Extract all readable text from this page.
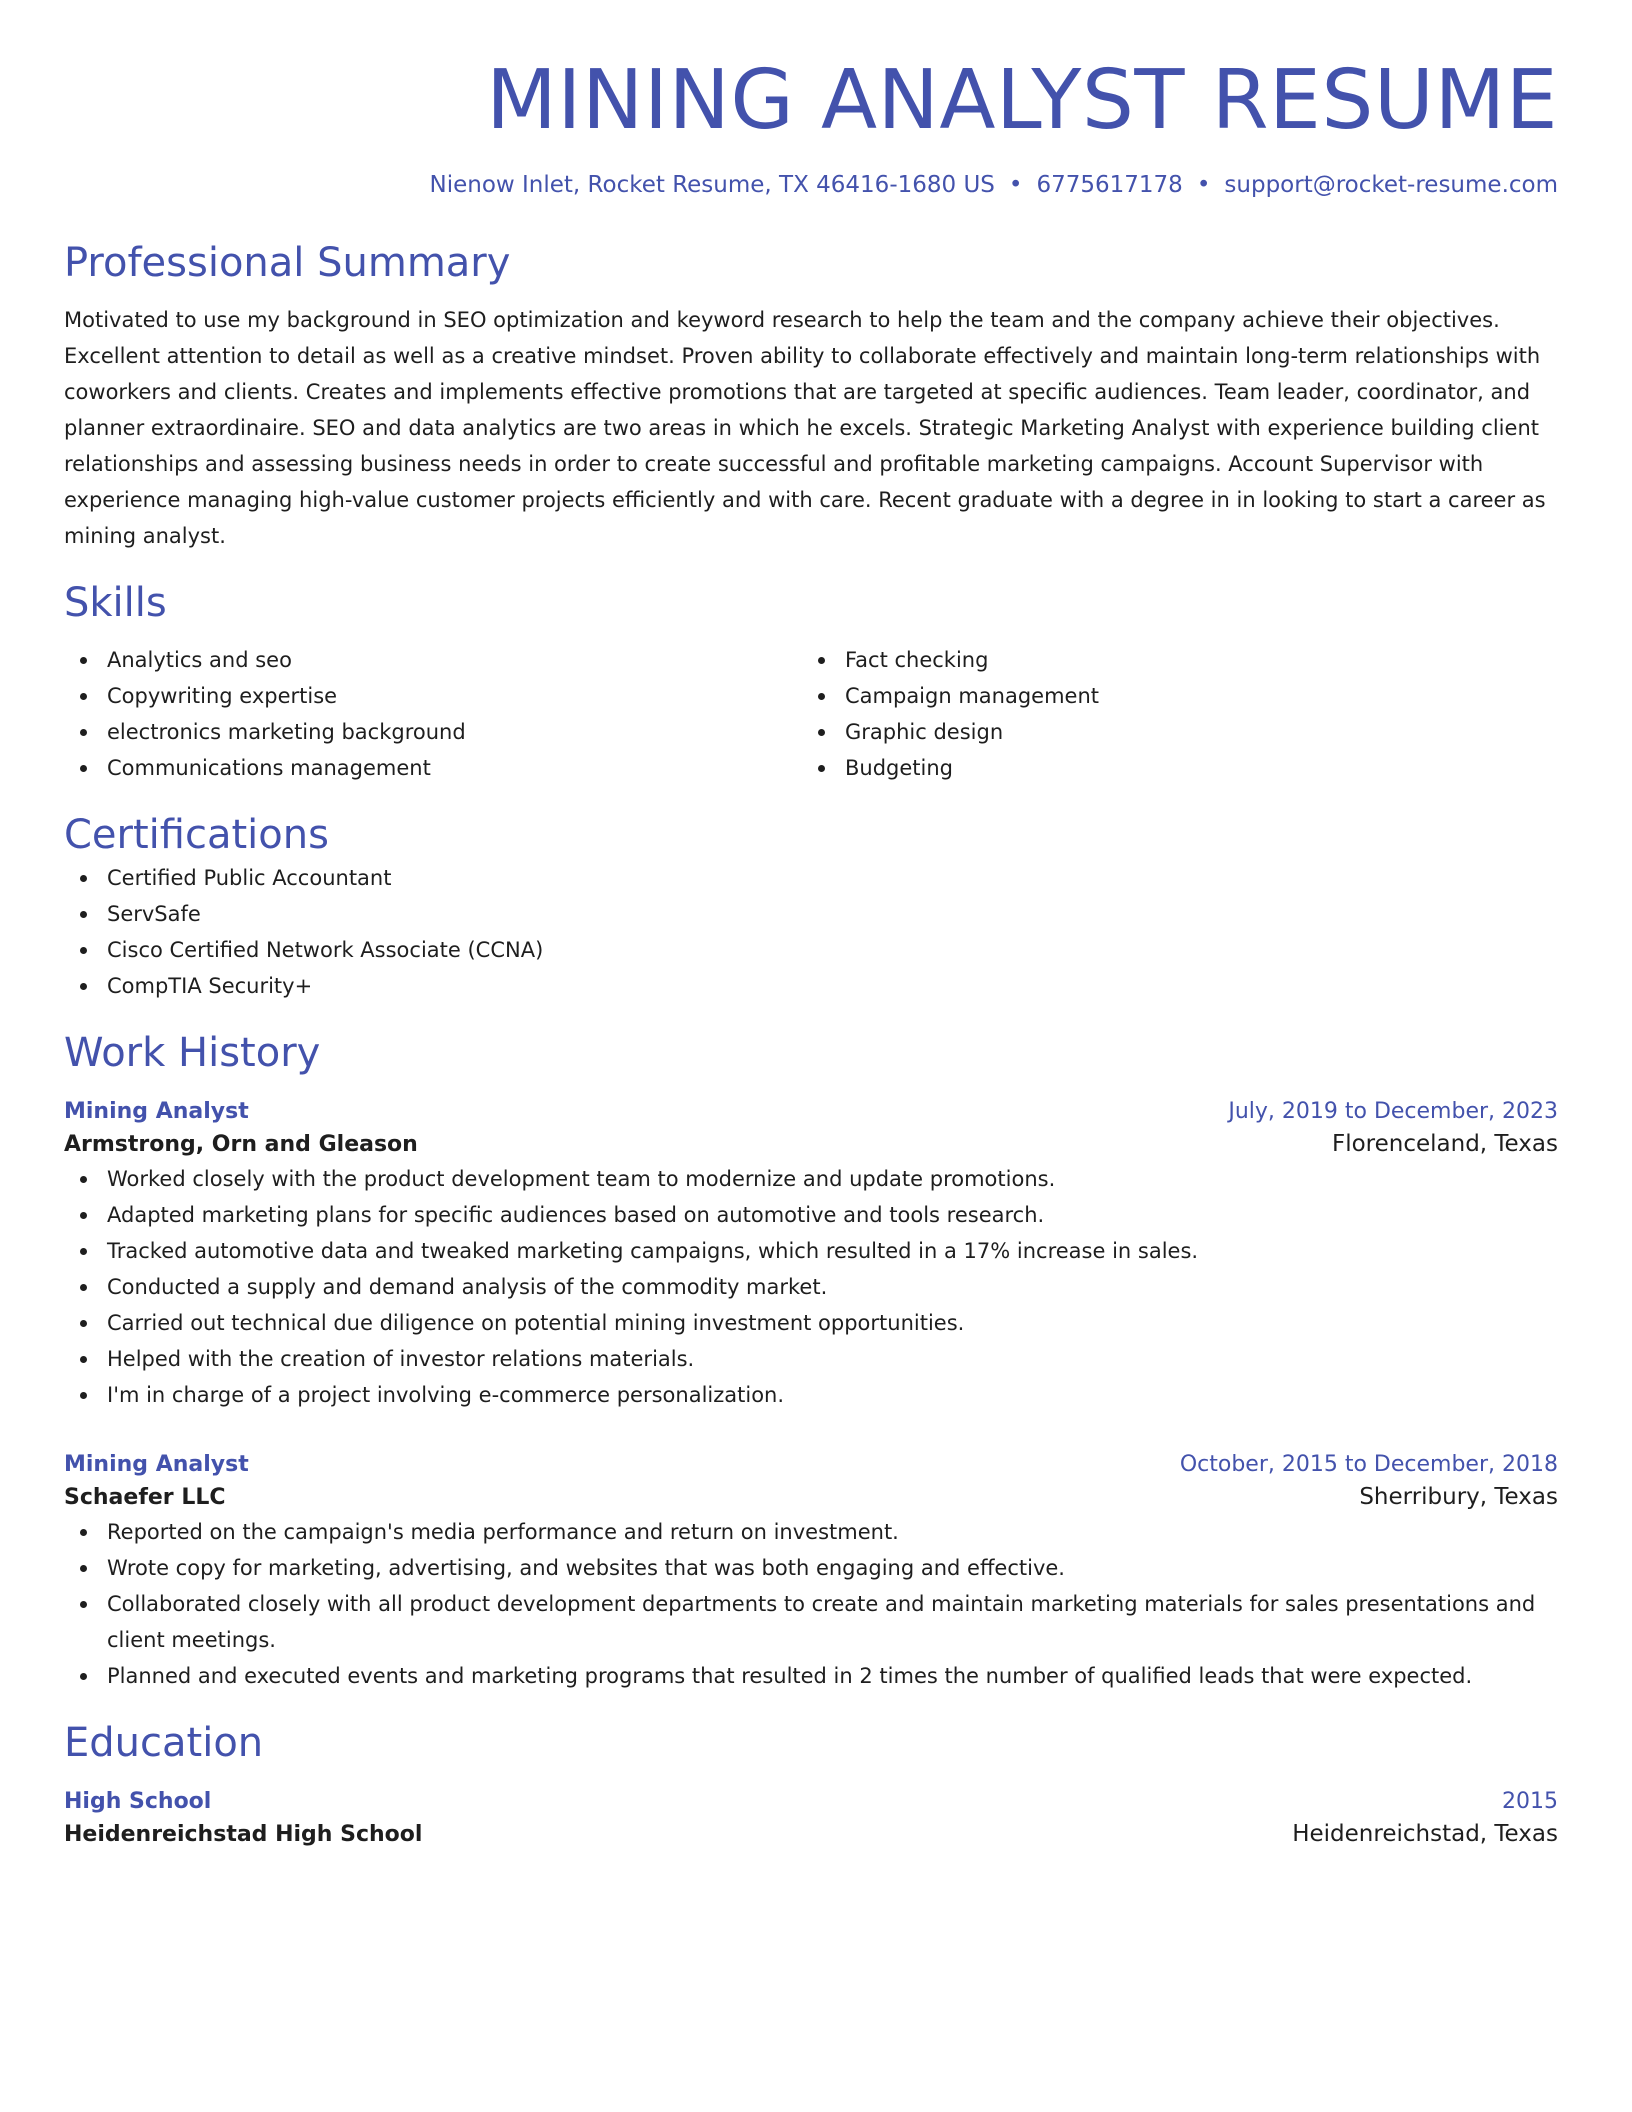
MINING ANALYST RESUME
Nienow Inlet, Rocket Resume, TX 46416-1680 US • 6775617178 • support@rocket-resume.com
Professional Summary
Motivated to use my background in SEO optimization and keyword research to help the team and the company achieve their objectives. Excellent attention to detail as well as a creative mindset. Proven ability to collaborate effectively and maintain long-term relationships with coworkers and clients. Creates and implements effective promotions that are targeted at specific audiences. Team leader, coordinator, and planner extraordinaire. SEO and data analytics are two areas in which he excels. Strategic Marketing Analyst with experience building client relationships and assessing business needs in order to create successful and profitable marketing campaigns. Account Supervisor with experience managing high-value customer projects efficiently and with care. Recent graduate with a degree in in looking to start a career as mining analyst.
Skills
Analytics and seo
Copywriting expertise
electronics marketing background
Communications management
Fact checking
Campaign management
Graphic design
Budgeting
Certifications
Certified Public Accountant
ServSafe
Cisco Certified Network Associate (CCNA)
CompTIA Security+
Work History
Mining Analyst	July, 2019 to December, 2023
Armstrong, Orn and Gleason	Florenceland, Texas
Worked closely with the product development team to modernize and update promotions.
Adapted marketing plans for specific audiences based on automotive and tools research.
Tracked automotive data and tweaked marketing campaigns, which resulted in a 17% increase in sales.
Conducted a supply and demand analysis of the commodity market.
Carried out technical due diligence on potential mining investment opportunities.
Helped with the creation of investor relations materials.
I'm in charge of a project involving e-commerce personalization.
Mining Analyst	October, 2015 to December, 2018
Schaefer LLC	Sherribury, Texas
Reported on the campaign's media performance and return on investment.
Wrote copy for marketing, advertising, and websites that was both engaging and effective.
Collaborated closely with all product development departments to create and maintain marketing materials for sales presentations and client meetings.
Planned and executed events and marketing programs that resulted in 2 times the number of qualified leads that were expected.
Education
High School	2015
Heidenreichstad High School	Heidenreichstad, Texas
